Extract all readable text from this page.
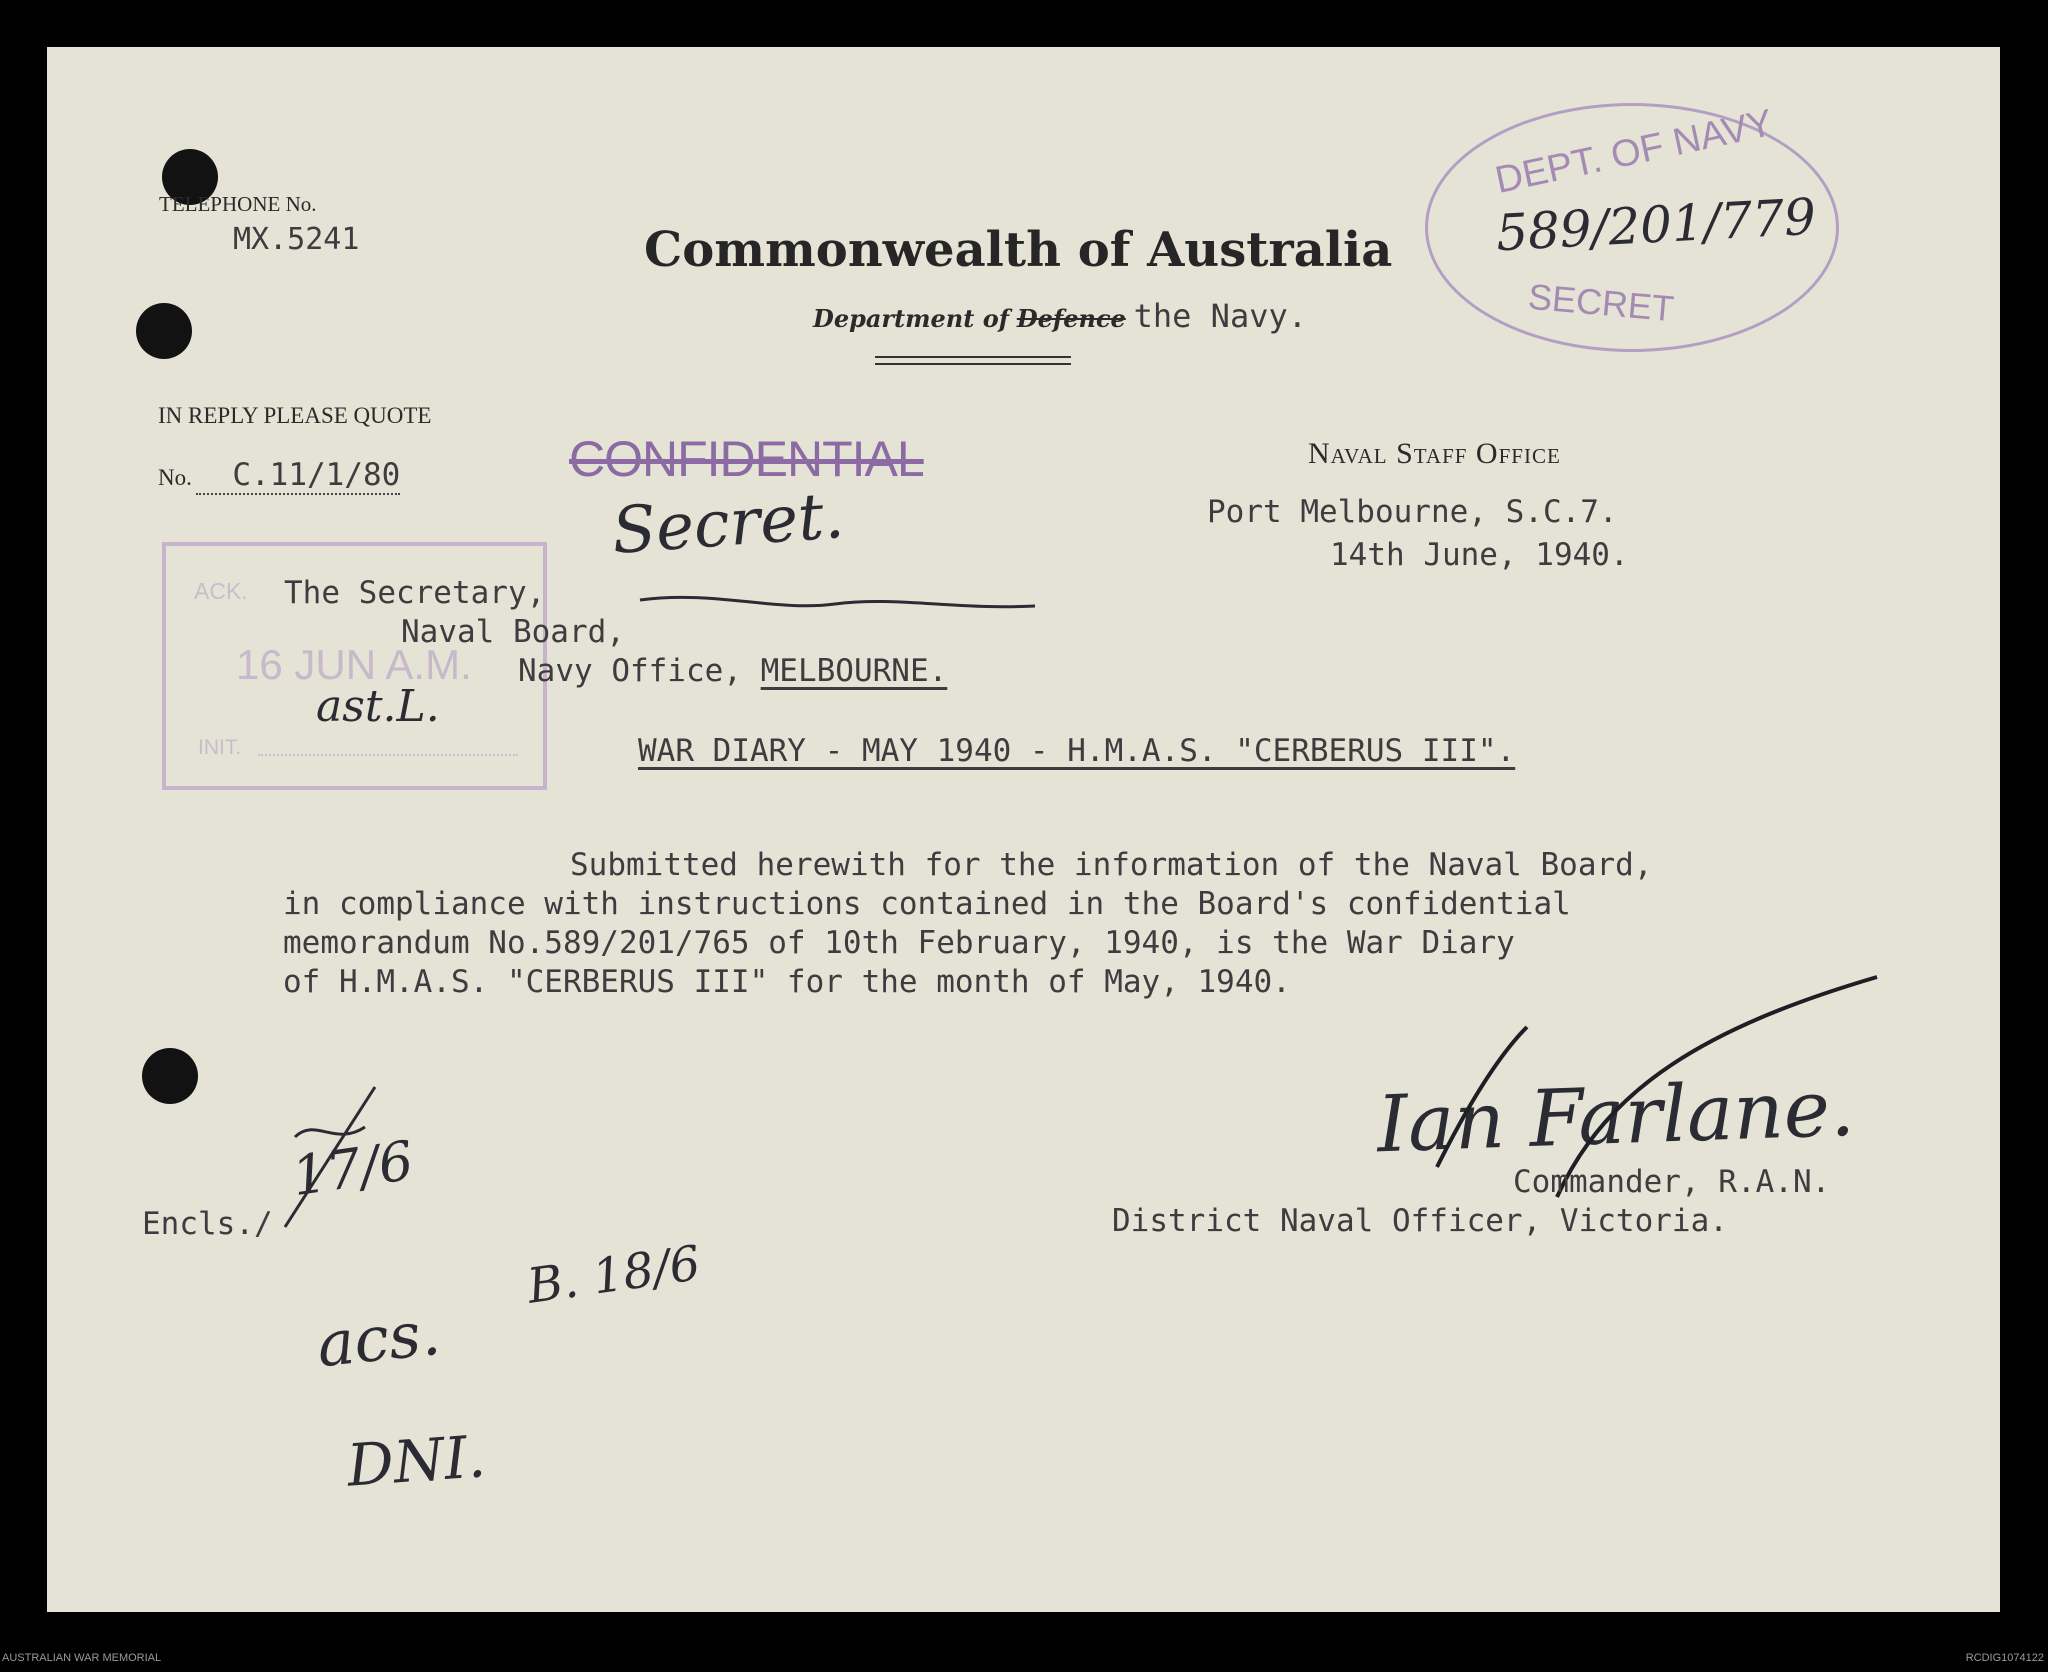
TELEPHONE No.
MX.5241	Commonwealth of Australia
Department of Defence the Navy.
DEPT. OF NAVY
589/201/779
SECRET
IN REPLY PLEASE QUOTE
No. C.11/1/80	CONFIDENTIAL
Secret.
Naval Staff Office
Port Melbourne, S.C.7.
14th June, 1940.
ACK.
16 JUN A.M.
INIT.
ast.L.
The Secretary,
Naval Board,
Navy Office, MELBOURNE.
WAR DIARY - MAY 1940 - H.M.A.S. "CERBERUS III".
Submitted herewith for the information of the Naval Board,
in compliance with instructions contained in the Board's confidential
memorandum No.589/201/765 of 10th February, 1940, is the War Diary
of H.M.A.S. "CERBERUS III" for the month of May, 1940.
Ian Farlane.
Commander, R.A.N.
District Naval Officer, Victoria.
Encls./
17/6
acs.
B. 18/6
DNI.
AUSTRALIAN WAR MEMORIAL	RCDIG1074122
